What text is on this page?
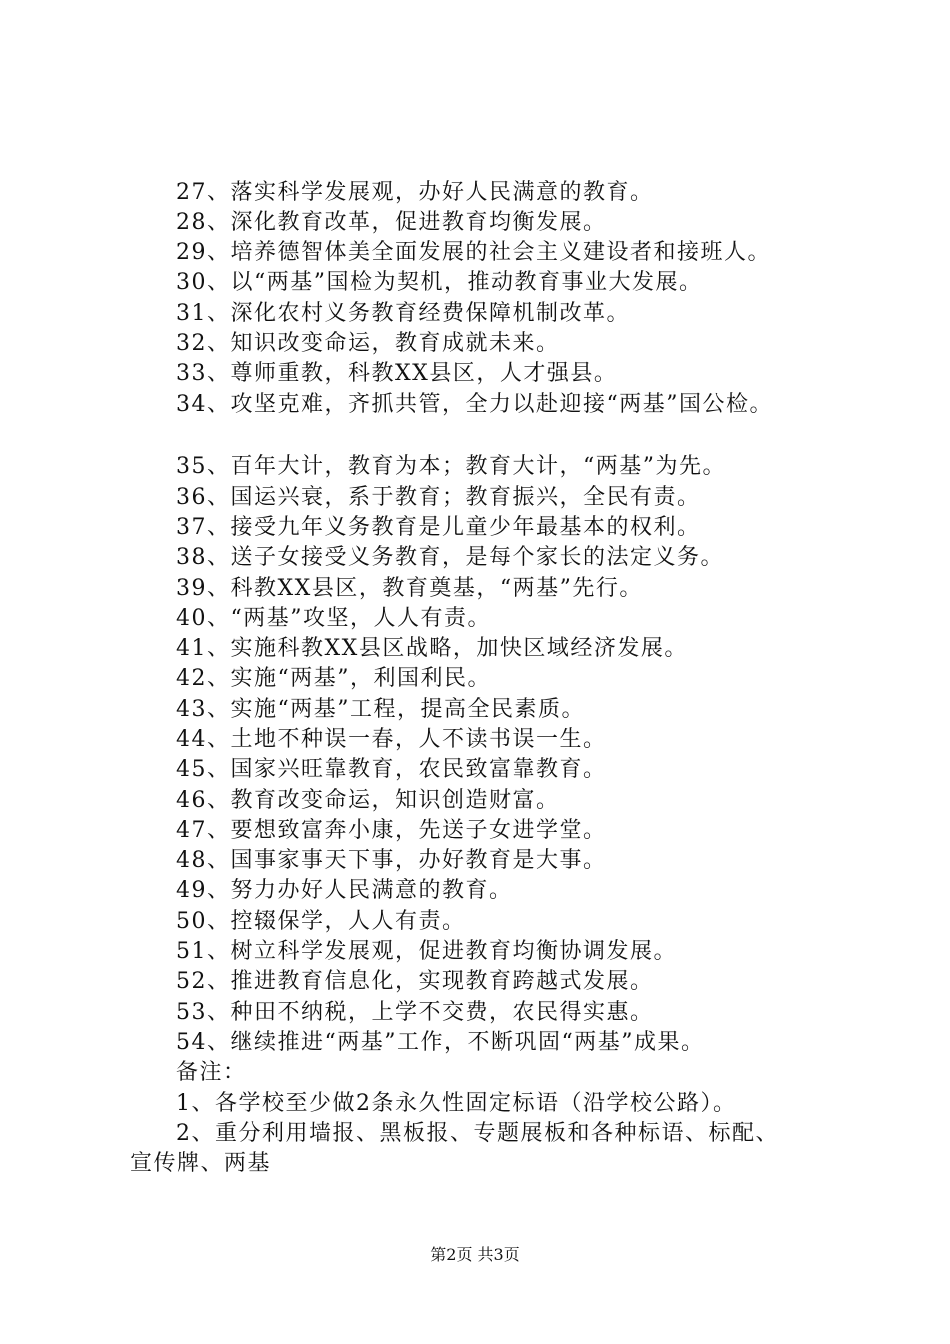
27、落实科学发展观，办好人民满意的教育。
28、深化教育改革，促进教育均衡发展。
29、培养德智体美全面发展的社会主义建设者和接班人。
30、以“两基”国检为契机，推动教育事业大发展。
31、深化农村义务教育经费保障机制改革。
32、知识改变命运，教育成就未来。
33、尊师重教，科教XX县区，人才强县。
34、攻坚克难，齐抓共管，全力以赴迎接“两基”国公检。
35、百年大计，教育为本；教育大计，“两基”为先。
36、国运兴衰，系于教育；教育振兴，全民有责。
37、接受九年义务教育是儿童少年最基本的权利。
38、送子女接受义务教育，是每个家长的法定义务。
39、科教XX县区，教育奠基，“两基”先行。
40、“两基”攻坚，人人有责。
41、实施科教XX县区战略，加快区域经济发展。
42、实施“两基”，利国利民。
43、实施“两基”工程，提高全民素质。
44、土地不种误一春，人不读书误一生。
45、国家兴旺靠教育，农民致富靠教育。
46、教育改变命运，知识创造财富。
47、要想致富奔小康，先送子女进学堂。
48、国事家事天下事，办好教育是大事。
49、努力办好人民满意的教育。
50、控辍保学，人人有责。
51、树立科学发展观，促进教育均衡协调发展。
52、推进教育信息化，实现教育跨越式发展。
53、种田不纳税，上学不交费，农民得实惠。
54、继续推进“两基”工作，不断巩固“两基”成果。
备注：
1、各学校至少做2条永久性固定标语（沿学校公路）。
2、重分利用墙报、黑板报、专题展板和各种标语、标配、
宣传牌、两基
第2页 共3页
